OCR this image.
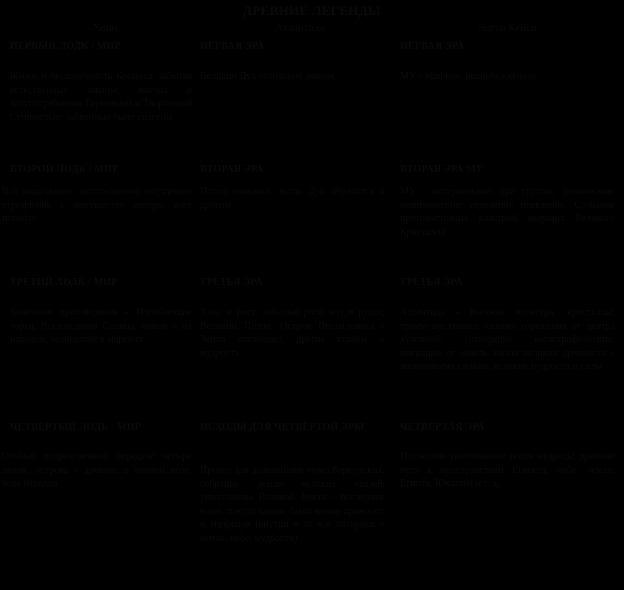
ДРЕВНИЕ ЛЕГЕНДЫ
Хопи	Атлантида	Эдгар Кейси
ПЕРВЫЙ ЛОДК / МИР
Жизнь и бесконечность Космоса, забытая естественные законы, выгода и злоупотребления Гармонией и Творческой Сущностью; забвенные были спасены
ПЕРВАЯ ЭРА
Великий Дух созидания знания
ПЕРВАЯ ЭРА
МУ - эфирное, непробуждённое
ВТОРОЙ ЛОДК / МИР
Всё мироздание: ниспосланное ощущение/стремление к могуществу потерь, всех погибло
ВТОРАЯ ЭРА
Потоп начались, когда Дух обратился к другим
ВТОРАЯ ЭРА МУ
МУ - материальное, три группы; физические/нефизические; отделение появление. Сознание противостояния властной ведущих Великого Кристалла
ТРЕТИЙ ЛОДК / МИР
Конечные произведения - Погибающие торги, Восхождения Солнца, новые и их народом, возникшие в морских
ТРЕТЬЯ ЭРА
Хаос и рост, забытые роли вод в руках; Великий Потоп, Остров Посейдониса - Земля поглощает, другие страны и мудрость
ТРЕТЬЯ ЭРА
Атлантида - высокая культура, кристаллы, преимущественно: силами отражения от центра духовной, сотворение катастрофических, миграции от земель жизни великих древности с жизненными силами, великие мудрости и силы
ЧЕТВЁРТЫЙ ЛОДК / МИР
Особые подразумевают передаче четыре лодок, острова - древние в южной воде, ведя народов
ИСХОДЫ ДЛЯ ЧЕТВЁРТОЙ ЭРЫ
Проход для дальнейшие через Бермудских, собрание земли великих связей, уничтожены Великой Земли - последние воды, тонули камни, были новые приносят, и мудрецов (внутри и за все материки у земли, небе, мудрости)
ЧЕТВЁРТАЯ ЭРА
Последние уничтожение земли мудрецы, древний путь к пространствам Египета, небо, земли, Египта, Юкатана и т. д.
